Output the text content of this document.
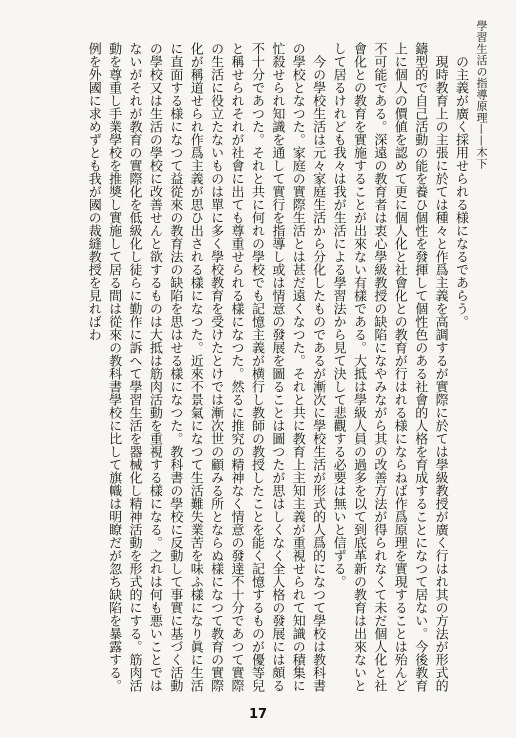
學習生活の指導原理——木下

の主義が廣く採用せられる様になるであらう。

現時教育上の主張に於ては種々と作爲主義を高調するが實際に於ては學級教授が廣く行はれ其の方法が形式的鑄型的で自己活動の能を養ひ個性を發揮して個性色のある社會的人格を育成することになつて居ない。今後教育上に個人の價値を認めて更に個人化と社會化との教育が行はれる様にならねば作爲原理を實現することは殆んど不可能である。深遠の教育者は衷心學級教授の缺陷になやみながら其の改善方法が得られなくて未だ個人化と社會化との教育を實施することが出來ない有樣である。大抵は學級人員の過多を以て到底革新の教育は出來ないとして居るけれども我々は我が生活による學習法から見て決して悲觀する必要は無いと信ずる。

今の學校生活は元々家庭生活から分化したものであるが漸次に學校生活が形式的人爲的になつて學校は教科書の學校となつた。家庭の實際生活とは甚だ遠くなつた。それと共に教育上主知主義が重視せられて知識の積集に忙殺せられ知識を通して實行を指導し或は情意の發展を圖ることは圖つたが思はしくなく全人格の發展には頗る不十分であつた。それと共に何れの學校でも記憶主義が横行し教師の教授したことを能く記憶するものが優等兒と稱せられそれが社會に出ても尊重せられる樣になつた。然るに推究の精神なく情意の發達不十分であつて實際の生活に役立たないものは單に多く學校教育を受けたとけでは漸次世の顧みる所とならぬ樣になつて教育の實際化が稱道せられ作爲主義が思ひ出される樣になつた。近來不景氣になつて生活難失業苦を味ふ樣になり眞に生活に直面する様になつて益從來の教育法の缺陷を思はせる樣になつた。教科書の學校に反動して事實に基づく活動の學校又は生活の學校に改善せんと欲するものは大抵は筋肉活動を重視する樣になる。之れは何も悪いことではないがそれが教育の實際化を低級化し徒らに勤作に訴へて學習生活を器械化し精神活動を形式的にする。筋肉活動を尊重し手業學校を推奬し實施して居る間は從來の教科書學校に比して旗幟は明瞭だが忽ち缺陷を暴露する。例を外國に求めずとも我が國の裁縫教授を見ればわ

17
